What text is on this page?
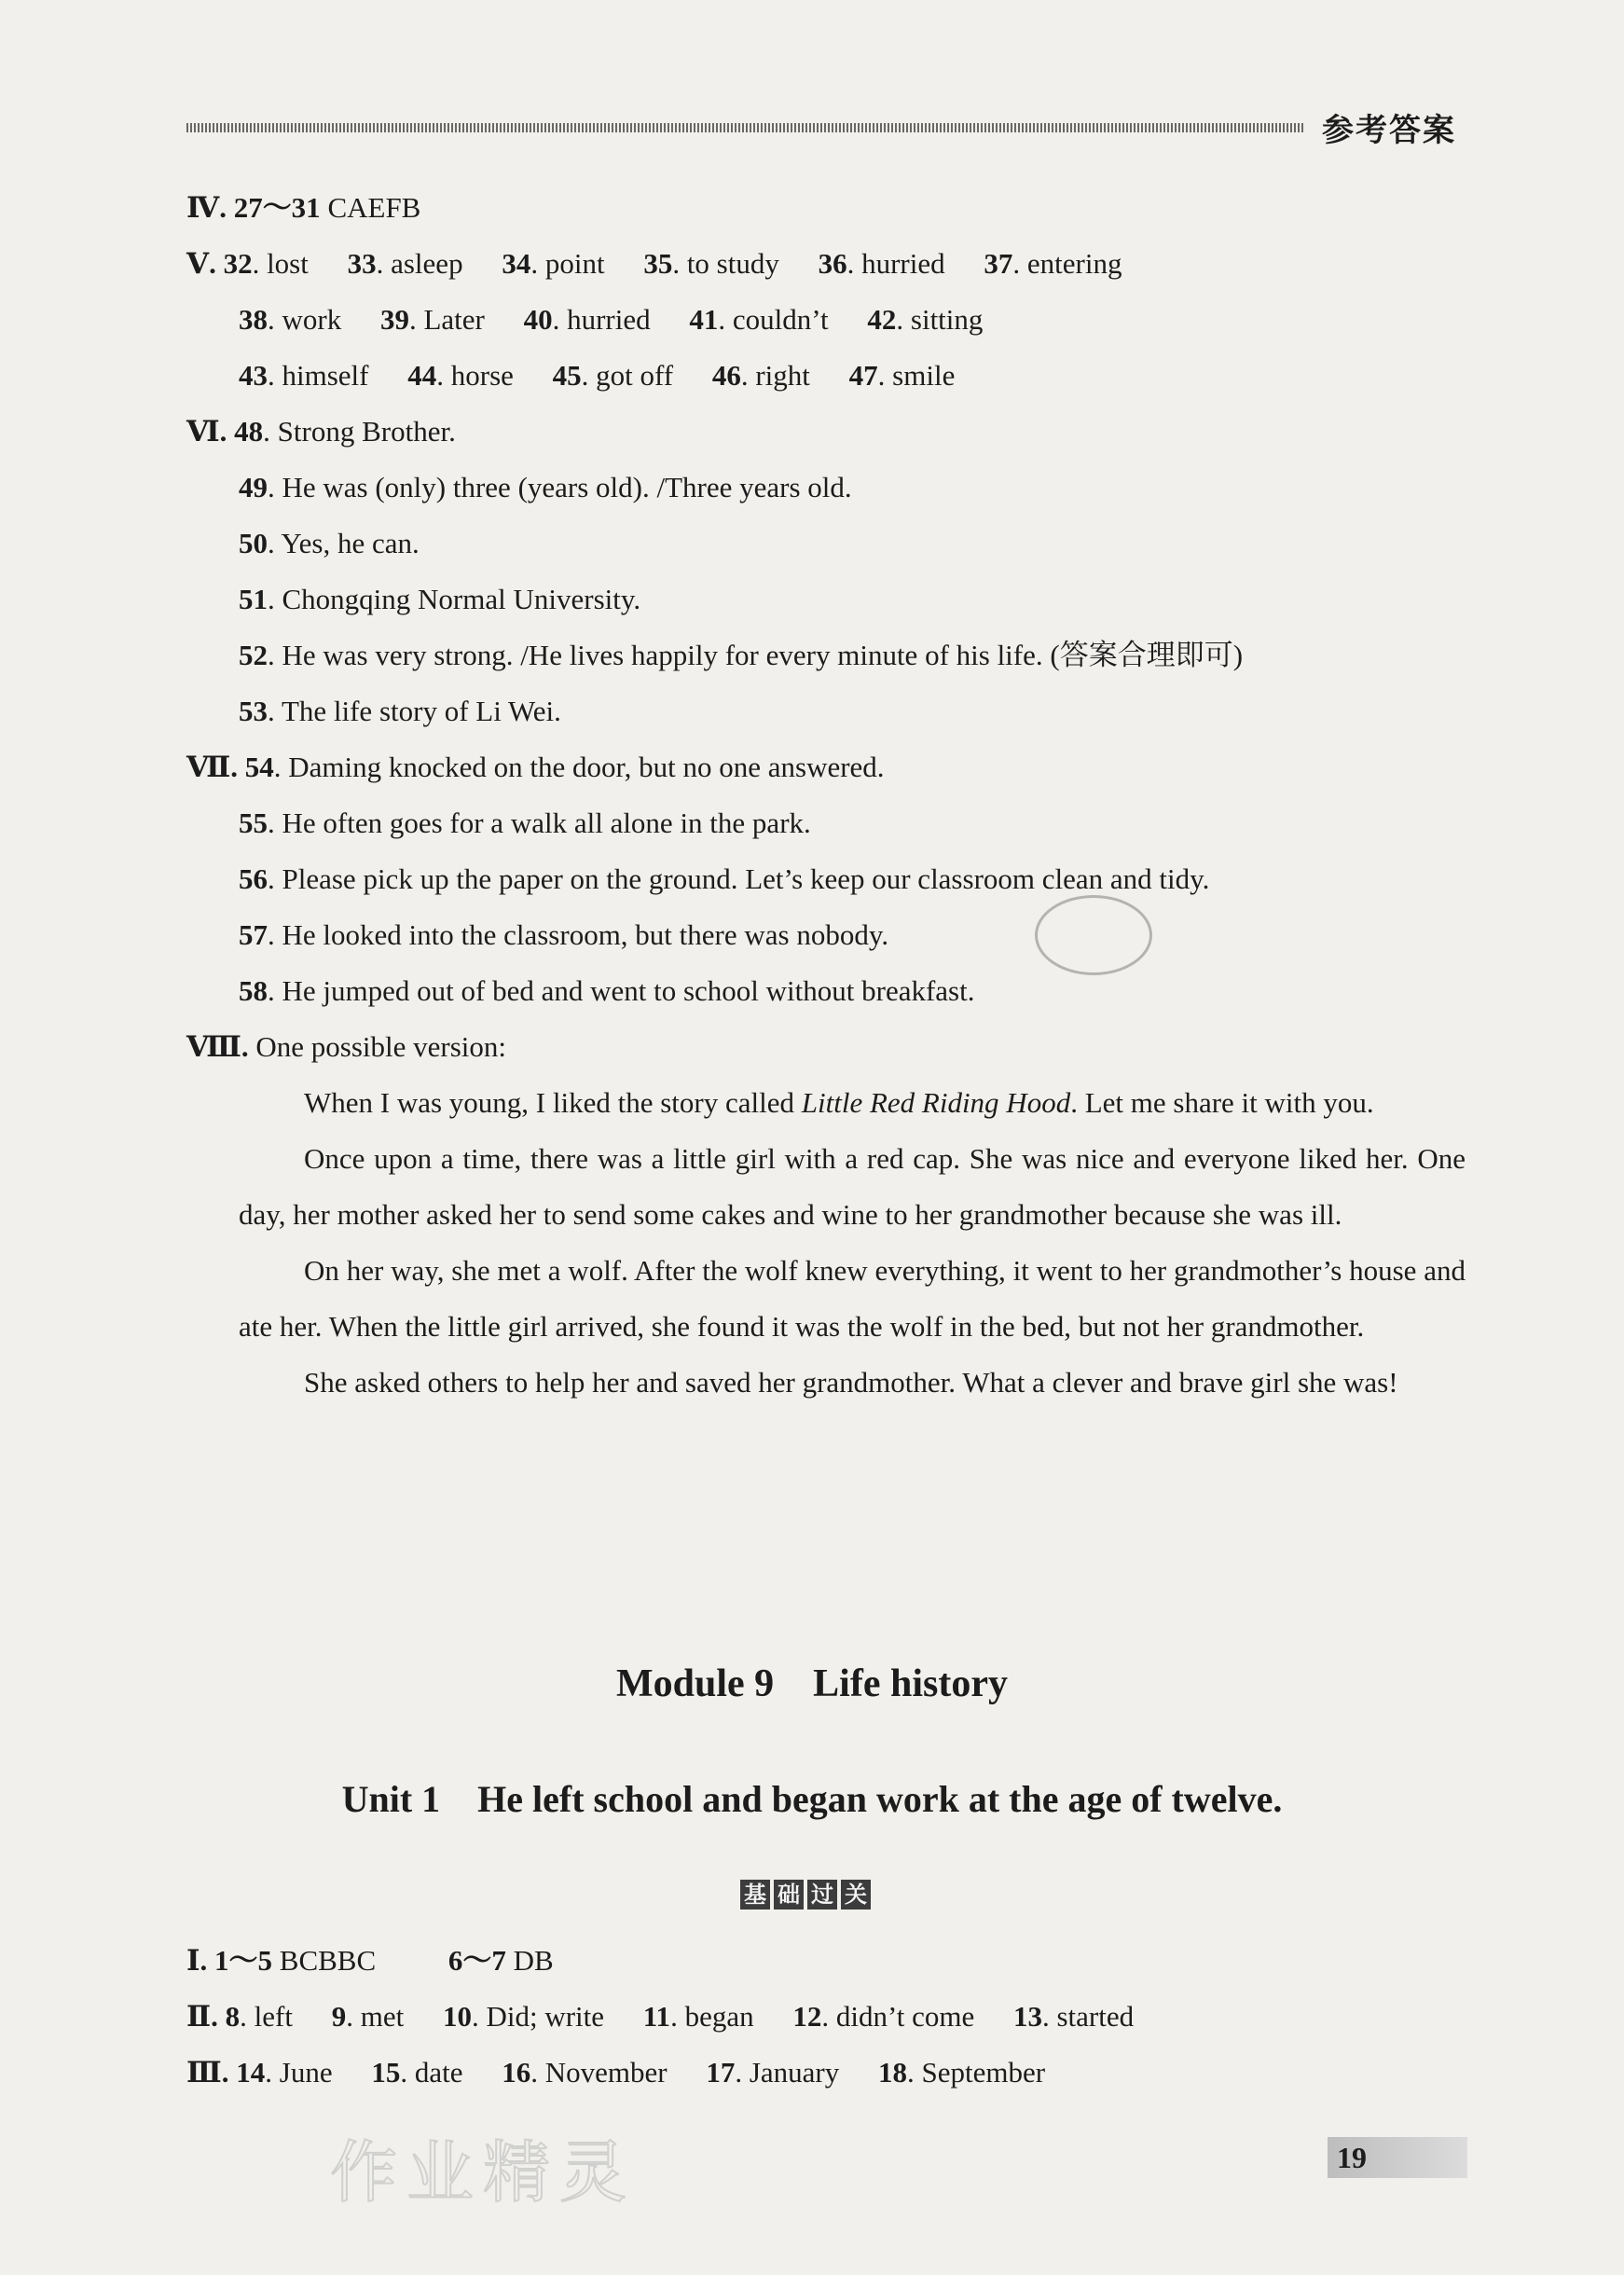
参考答案
Ⅳ. 27～31 CAEFB
Ⅴ. 32. lost 33. asleep 34. point 35. to study 36. hurried 37. entering
38. work 39. Later 40. hurried 41. couldn’t 42. sitting
43. himself 44. horse 45. got off 46. right 47. smile
Ⅵ. 48. Strong Brother.
49. He was (only) three (years old). /Three years old.
50. Yes, he can.
51. Chongqing Normal University.
52. He was very strong. /He lives happily for every minute of his life. (答案合理即可)
53. The life story of Li Wei.
Ⅶ. 54. Daming knocked on the door, but no one answered.
55. He often goes for a walk all alone in the park.
56. Please pick up the paper on the ground. Let’s keep our classroom clean and tidy.
57. He looked into the classroom, but there was nobody.
58. He jumped out of bed and went to school without breakfast.
Ⅷ. One possible version:

When I was young, I liked the story called Little Red Riding Hood. Let me share it with you.

Once upon a time, there was a little girl with a red cap. She was nice and everyone liked her. One day, her mother asked her to send some cakes and wine to her grandmother because she was ill.

On her way, she met a wolf. After the wolf knew everything, it went to her grandmother’s house and ate her. When the little girl arrived, she found it was the wolf in the bed, but not her grandmother.

She asked others to help her and saved her grandmother. What a clever and brave girl she was!

Module 9    Life history
Unit 1    He left school and began work at the age of twelve.
基 础 过 关
Ⅰ. 1～5 BCBBC	6～7 DB
Ⅱ. 8. left 9. met 10. Did; write 11. began 12. didn’t come 13. started
Ⅲ. 14. June 15. date 16. November 17. January 18. September
作业精灵	19
